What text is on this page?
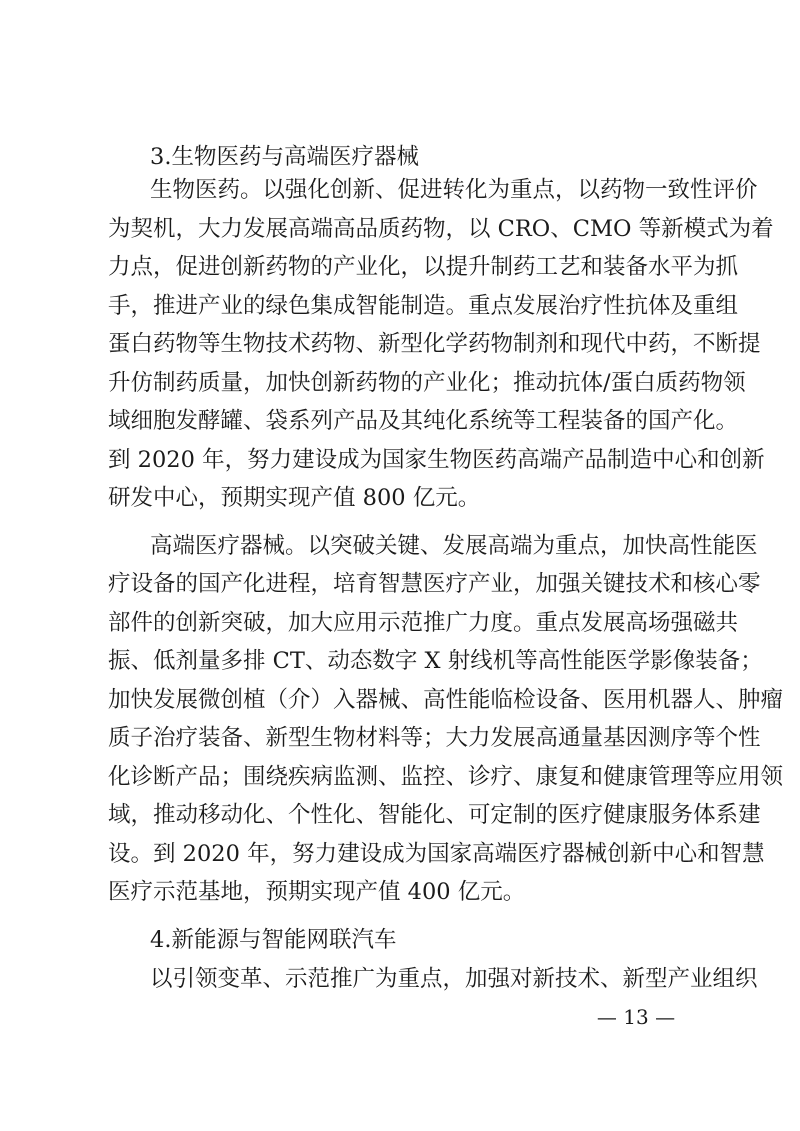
3.生物医药与高端医疗器械
生物医药。以强化创新、促进转化为重点，以药物一致性评价
为契机，大力发展高端高品质药物，以 CRO、CMO 等新模式为着
力点，促进创新药物的产业化，以提升制药工艺和装备水平为抓
手，推进产业的绿色集成智能制造。重点发展治疗性抗体及重组
蛋白药物等生物技术药物、新型化学药物制剂和现代中药，不断提
升仿制药质量，加快创新药物的产业化；推动抗体/蛋白质药物领
域细胞发酵罐、袋系列产品及其纯化系统等工程装备的国产化。
到 2020 年，努力建设成为国家生物医药高端产品制造中心和创新
研发中心，预期实现产值 800 亿元。
高端医疗器械。以突破关键、发展高端为重点，加快高性能医
疗设备的国产化进程，培育智慧医疗产业，加强关键技术和核心零
部件的创新突破，加大应用示范推广力度。重点发展高场强磁共
振、低剂量多排 CT、动态数字 X 射线机等高性能医学影像装备；
加快发展微创植（介）入器械、高性能临检设备、医用机器人、肿瘤
质子治疗装备、新型生物材料等；大力发展高通量基因测序等个性
化诊断产品；围绕疾病监测、监控、诊疗、康复和健康管理等应用领
域，推动移动化、个性化、智能化、可定制的医疗健康服务体系建
设。到 2020 年，努力建设成为国家高端医疗器械创新中心和智慧
医疗示范基地，预期实现产值 400 亿元。
4.新能源与智能网联汽车
以引领变革、示范推广为重点，加强对新技术、新型产业组织
— 13 —
